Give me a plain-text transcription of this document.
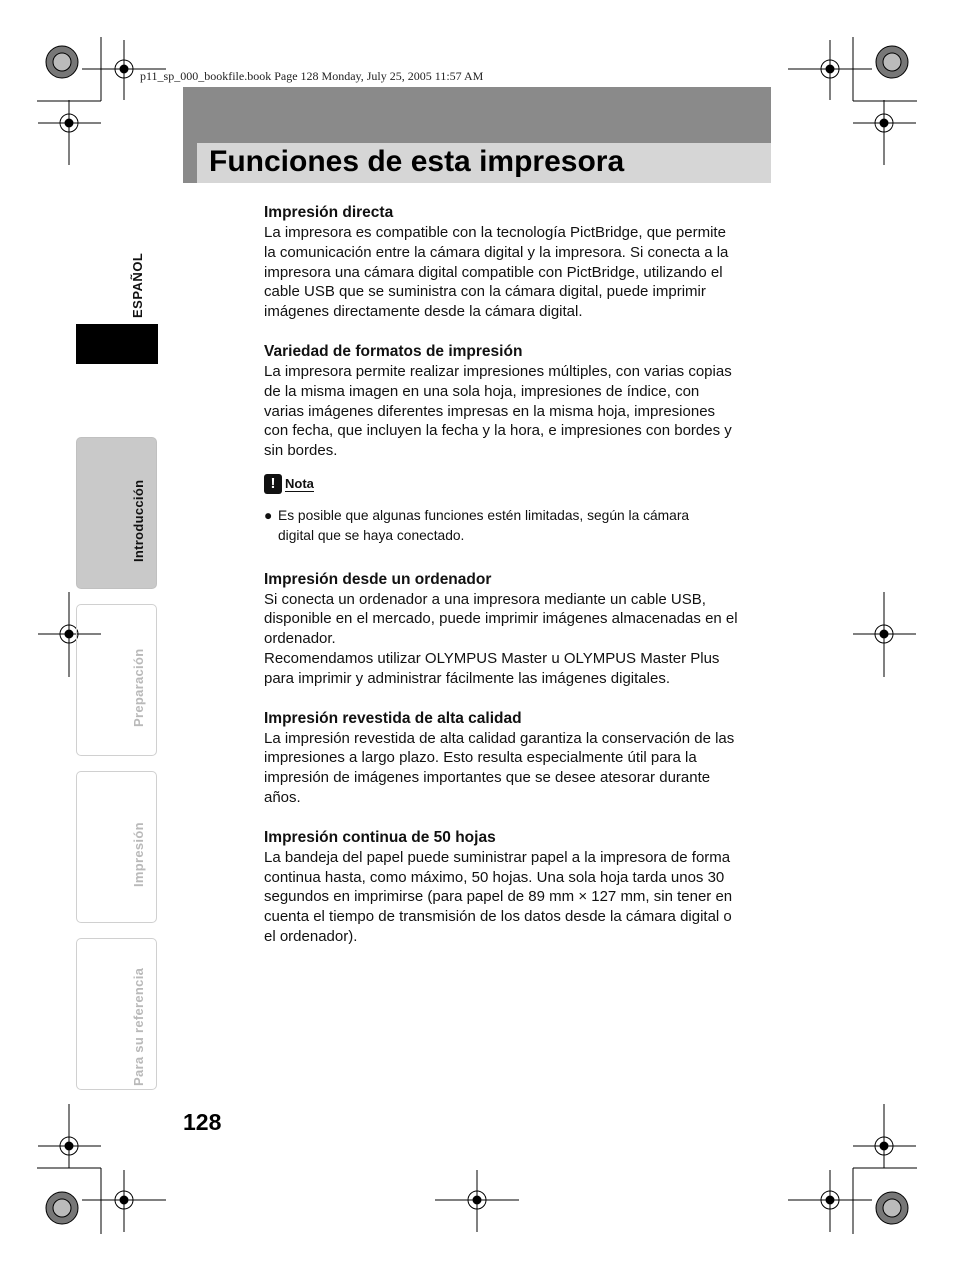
p11_sp_000_bookfile.book Page 128 Monday, July 25, 2005 11:57 AM
Funciones de esta impresora
ESPAÑOL
Introducción
Preparación
Impresión
Para su referencia
Impresión directa

La impresora es compatible con la tecnología PictBridge, que permite
la comunicación entre la cámara digital y la impresora. Si conecta a la
impresora una cámara digital compatible con PictBridge, utilizando el
cable USB que se suministra con la cámara digital, puede imprimir
imágenes directamente desde la cámara digital.

Variedad de formatos de impresión

La impresora permite realizar impresiones múltiples, con varias copias
de la misma imagen en una sola hoja, impresiones de índice, con
varias imágenes diferentes impresas en la misma hoja, impresiones
con fecha, que incluyen la fecha y la hora, e impresiones con bordes y
sin bordes.

! Nota
● Es posible que algunas funciones estén limitadas, según la cámara
digital que se haya conectado.
Impresión desde un ordenador

Si conecta un ordenador a una impresora mediante un cable USB,
disponible en el mercado, puede imprimir imágenes almacenadas en el
ordenador.
Recomendamos utilizar OLYMPUS Master u OLYMPUS Master Plus
para imprimir y administrar fácilmente las imágenes digitales.

Impresión revestida de alta calidad

La impresión revestida de alta calidad garantiza la conservación de las
impresiones a largo plazo. Esto resulta especialmente útil para la
impresión de imágenes importantes que se desee atesorar durante
años.

Impresión continua de 50 hojas

La bandeja del papel puede suministrar papel a la impresora de forma
continua hasta, como máximo, 50 hojas. Una sola hoja tarda unos 30
segundos en imprimirse (para papel de 89 mm × 127 mm, sin tener en
cuenta el tiempo de transmisión de los datos desde la cámara digital o
el ordenador).

128
